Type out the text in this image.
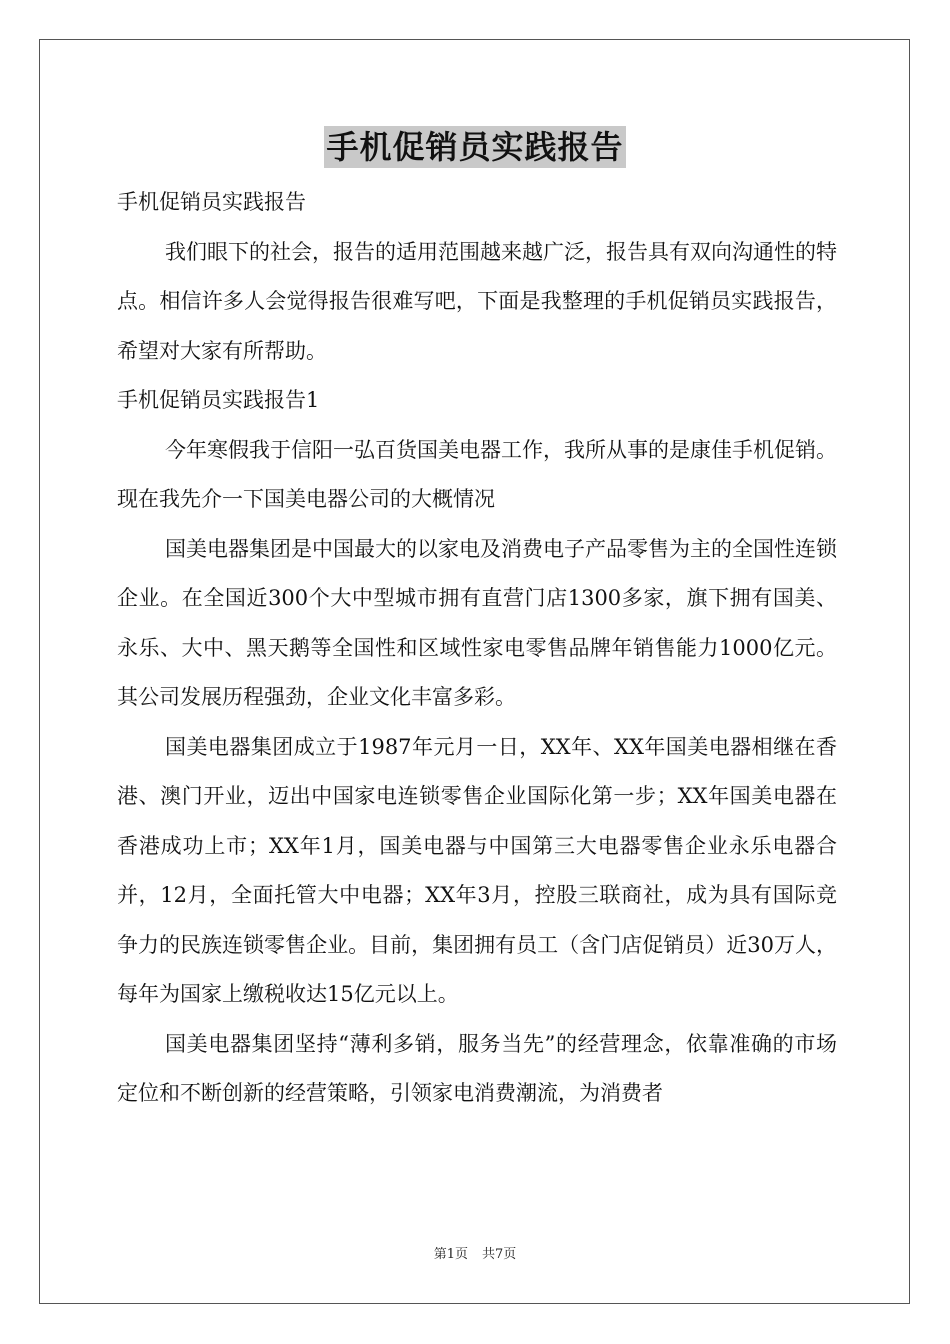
手机促销员实践报告

手机促销员实践报告

我们眼下的社会，报告的适用范围越来越广泛，报告具有双向沟通性的特点。相信许多人会觉得报告很难写吧，下面是我整理的手机促销员实践报告，希望对大家有所帮助。

手机促销员实践报告1

今年寒假我于信阳一弘百货国美电器工作，我所从事的是康佳手机促销。现在我先介一下国美电器公司的大概情况

国美电器集团是中国最大的以家电及消费电子产品零售为主的全国性连锁企业。在全国近300个大中型城市拥有直营门店1300多家，旗下拥有国美、永乐、大中、黑天鹅等全国性和区域性家电零售品牌年销售能力1000亿元。其公司发展历程强劲，企业文化丰富多彩。

国美电器集团成立于1987年元月一日，XX年、XX年国美电器相继在香港、澳门开业，迈出中国家电连锁零售企业国际化第一步；XX年国美电器在香港成功上市；XX年1月，国美电器与中国第三大电器零售企业永乐电器合并，12月，全面托管大中电器；XX年3月，控股三联商社，成为具有国际竞争力的民族连锁零售企业。目前，集团拥有员工（含门店促销员）近30万人，每年为国家上缴税收达15亿元以上。

国美电器集团坚持“薄利多销，服务当先”的经营理念，依靠准确的市场定位和不断创新的经营策略，引领家电消费潮流，为消费者

第1页 共7页
